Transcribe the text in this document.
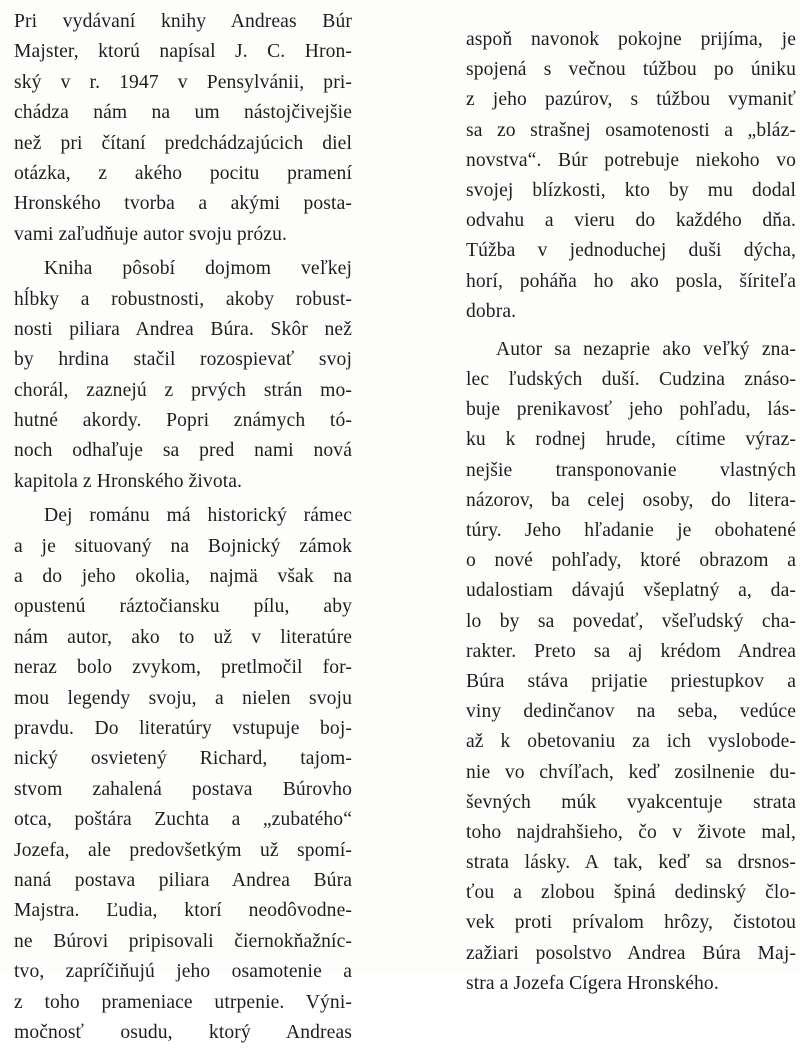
Pri vydávaní knihy Andreas Búr
Majster, ktorú napísal J. C. Hron-
ský v r. 1947 v Pensylvánii, pri-
chádza nám na um nástojčivejšie
než pri čítaní predchádzajúcich diel
otázka, z akého pocitu pramení
Hronského tvorba a akými posta-
vami zaľudňuje autor svoju prózu.
Kniha pôsobí dojmom veľkej
hĺbky a robustnosti, akoby robust-
nosti piliara Andrea Búra. Skôr než
by hrdina stačil rozospievať svoj
chorál, zaznejú z prvých strán mo-
hutné akordy. Popri známych tó-
noch odhaľuje sa pred nami nová
kapitola z Hronského života.
Dej románu má historický rámec
a je situovaný na Bojnický zámok
a do jeho okolia, najmä však na
opustenú ráztočiansku pílu, aby
nám autor, ako to už v literatúre
neraz bolo zvykom, pretlmočil for-
mou legendy svoju, a nielen svoju
pravdu. Do literatúry vstupuje boj-
nický osvietený Richard, tajom-
stvom zahalená postava Búrovho
otca, poštára Zuchta a „zubatého“
Jozefa, ale predovšetkým už spomí-
naná postava piliara Andrea Búra
Majstra. Ľudia, ktorí neodôvodne-
ne Búrovi pripisovali čiernokňažníc-
tvo, zapríčiňujú jeho osamotenie a
z toho prameniace utrpenie. Výni-
močnosť osudu, ktorý Andreas
aspoň navonok pokojne prijíma, je
spojená s večnou túžbou po úniku
z jeho pazúrov, s túžbou vymaniť
sa zo strašnej osamotenosti a „bláz-
novstva“. Búr potrebuje niekoho vo
svojej blízkosti, kto by mu dodal
odvahu a vieru do každého dňa.
Túžba v jednoduchej duši dýcha,
horí, poháňa ho ako posla, šíriteľa
dobra.
Autor sa nezaprie ako veľký zna-
lec ľudských duší. Cudzina znáso-
buje prenikavosť jeho pohľadu, lás-
ku k rodnej hrude, cítime výraz-
nejšie transponovanie vlastných
názorov, ba celej osoby, do litera-
túry. Jeho hľadanie je obohatené
o nové pohľady, ktoré obrazom a
udalostiam dávajú všeplatný a, da-
lo by sa povedať, všeľudský cha-
rakter. Preto sa aj krédom Andrea
Búra stáva prijatie priestupkov a
viny dedinčanov na seba, vedúce
až k obetovaniu za ich vyslobode-
nie vo chvíľach, keď zosilnenie du-
ševných múk vyakcentuje strata
toho najdrahšieho, čo v živote mal,
strata lásky. A tak, keď sa drsnos-
ťou a zlobou špiná dedinský člo-
vek proti prívalom hrôzy, čistotou
zažiari posolstvo Andrea Búra Maj-
stra a Jozefa Cígera Hronského.
